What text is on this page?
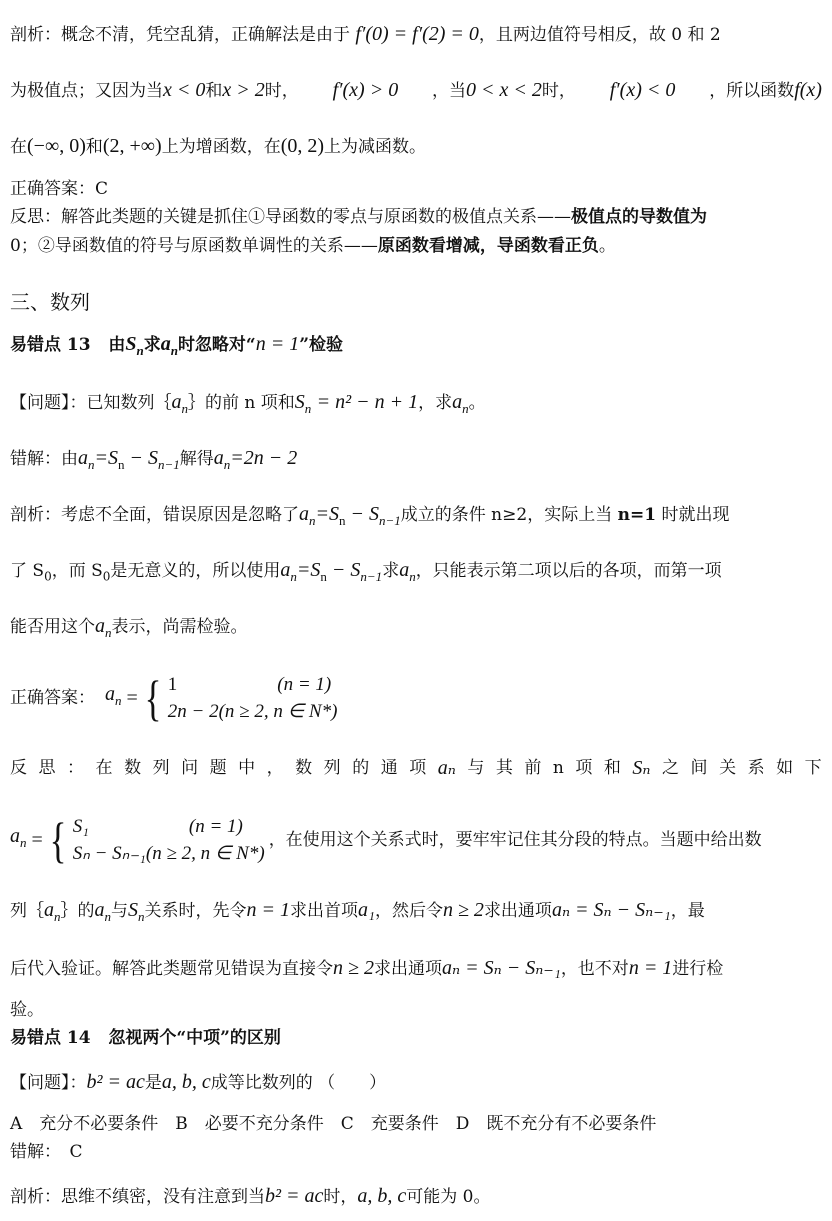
剖析：概念不清，凭空乱猜，正确解法是由于 f′(0) = f′(2) = 0，且两边值符号相反，故 0 和 2
为极值点；又因为当x < 0和x > 2时， f′(x) > 0 ，当0 < x < 2时， f′(x) < 0 ，所以函数f(x)
在(−∞, 0)和(2, +∞)上为增函数，在(0, 2)上为减函数。
正确答案：C
反思：解答此类题的关键是抓住①导函数的零点与原函数的极值点关系——极值点的导数值为
0；②导函数值的符号与原函数单调性的关系——原函数看增减，导函数看正负。
三、数列
易错点 13 由$S_n$求$a_n$时忽略对“n = 1”检验
【问题】：已知数列$\{a_n\}$的前 n 项和$S_n = n^2 - n + 1$，求$a_n$。
错解：由$a_n=S_n - S_{n-1}$解得$a_n=2n - 2$
剖析：考虑不全面，错误原因是忽略了$a_n=S_n - S_{n-1}$成立的条件 n≥2，实际上当 n=1 时就出现
了 $S_0$，而 $S_0$是无意义的，所以使用$a_n=S_n - S_{n-1}$求$a_n$，只能表示第二项以后的各项，而第一项
能否用这个$a_n$表示，尚需检验。
正确答案： $a_n$ = { 1	(n = 1)
2n − 2(n ≥ 2, n ∈ N*)
反 思 ： 在 数 列 问 题 中 ， 数 列 的 通 项 aₙ 与 其 前 n 项 和 Sₙ 之 间 关 系 如 下
$a_n$ = { S₁	(n = 1)
Sₙ − Sₙ₋₁(n ≥ 2, n ∈ N*)
，在使用这个关系式时，要牢牢记住其分段的特点。当题中给出数
列$\{a_n\}$的$a_n$与$S_n$关系时，先令n = 1求出首项a₁，然后令n ≥ 2求出通项aₙ = Sₙ − Sₙ₋₁，最
后代入验证。解答此类题常见错误为直接令n ≥ 2求出通项aₙ = Sₙ − Sₙ₋₁，也不对n = 1进行检
验。
易错点 14 忽视两个“中项”的区别
【问题】：b² = ac是a, b, c成等比数列的 （　　）
A　充分不必要条件　B　必要不充分条件　C　充要条件　D　既不充分有不必要条件
错解：　C
剖析：思维不缜密，没有注意到当b² = ac时，a, b, c可能为 0。
